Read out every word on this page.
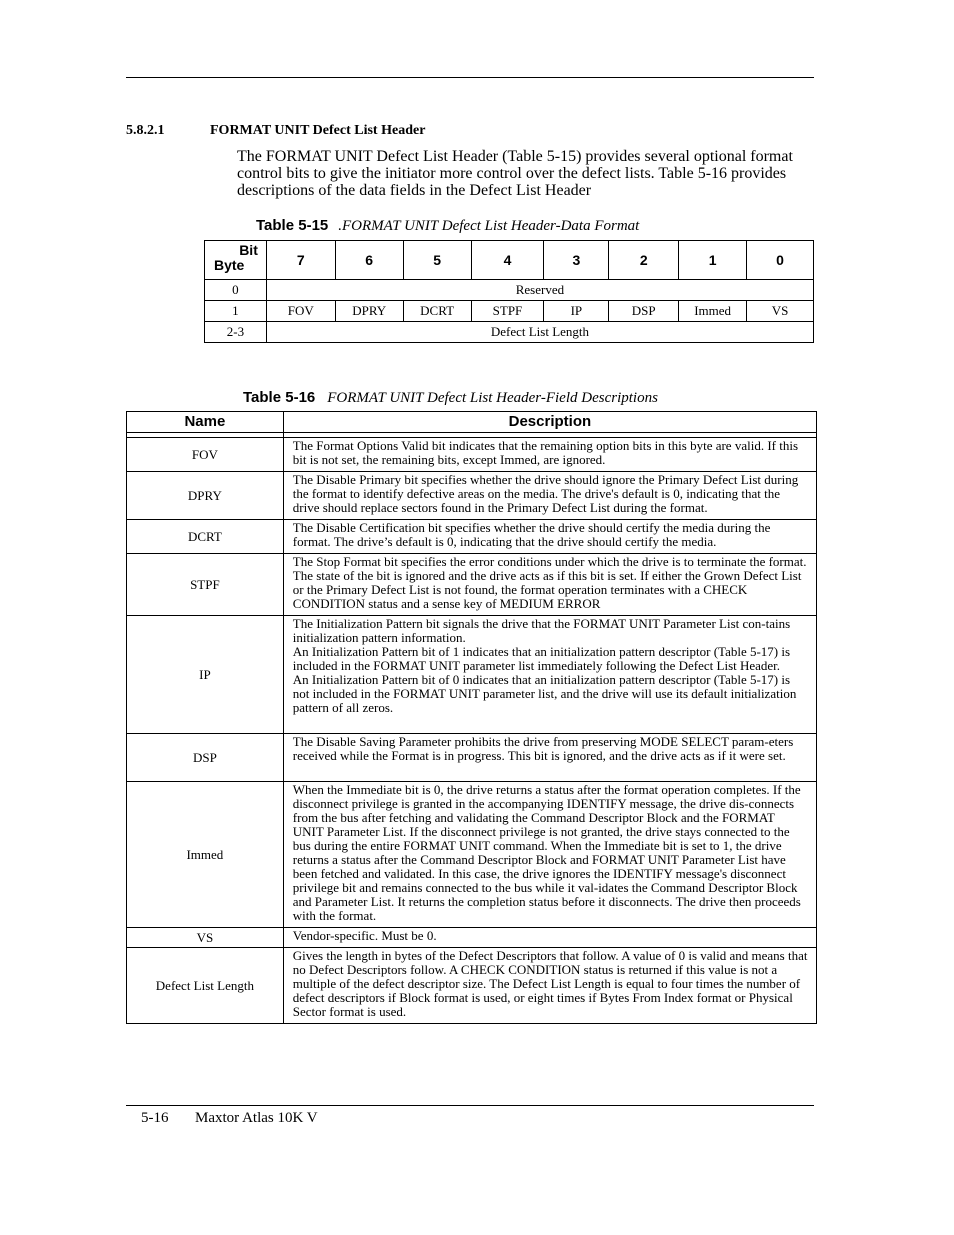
5.8.2.1	FORMAT UNIT Defect List Header
The FORMAT UNIT Defect List Header (Table 5-15) provides several optional format control bits to give the initiator more control over the defect lists. Table 5-16 provides descriptions of the data fields in the Defect List Header
Table 5-15 .FORMAT UNIT Defect List Header-Data Format
Bit
Byte	7	6	5	4	3	2	1	0
0	Reserved							
1	FOV	DPRY	DCRT	STPF	IP	DSP	Immed	VS
2-3	Defect List Length							
Table 5-16 FORMAT UNIT Defect List Header-Field Descriptions
Name	Description

FOV	The Format Options Valid bit indicates that the remaining option bits in this byte are valid. If this bit is not set, the remaining bits, except Immed, are ignored.
DPRY	The Disable Primary bit specifies whether the drive should ignore the Primary Defect List during the format to identify defective areas on the media. The drive's default is 0, indicating that the drive should replace sectors found in the Primary Defect List during the format.
DCRT	The Disable Certification bit specifies whether the drive should certify the media during the format. The drive’s default is 0, indicating that the drive should certify the media.
STPF	The Stop Format bit specifies the error conditions under which the drive is to terminate the format. The state of the bit is ignored and the drive acts as if this bit is set. If either the Grown Defect List or the Primary Defect List is not found, the format operation terminates with a CHECK CONDITION status and a sense key of MEDIUM ERROR
IP	The Initialization Pattern bit signals the drive that the FORMAT UNIT Parameter List con-tains initialization pattern information.
An Initialization Pattern bit of 1 indicates that an initialization pattern descriptor (Table 5-17) is included in the FORMAT UNIT parameter list immediately following the Defect List Header.
An Initialization Pattern bit of 0 indicates that an initialization pattern descriptor (Table 5-17) is not included in the FORMAT UNIT parameter list, and the drive will use its default initialization pattern of all zeros.

DSP	The Disable Saving Parameter prohibits the drive from preserving MODE SELECT param-eters received while the Format is in progress. This bit is ignored, and the drive acts as if it were set.
Immed	When the Immediate bit is 0, the drive returns a status after the format operation completes. If the disconnect privilege is granted in the accompanying IDENTIFY message, the drive dis-connects from the bus after fetching and validating the Command Descriptor Block and the FORMAT UNIT Parameter List. If the disconnect privilege is not granted, the drive stays connected to the bus during the entire FORMAT UNIT command. When the Immediate bit is set to 1, the drive returns a status after the Command Descriptor Block and FORMAT UNIT Parameter List have been fetched and validated. In this case, the drive ignores the IDENTIFY message's disconnect privilege bit and remains connected to the bus while it val-idates the Command Descriptor Block and Parameter List. It returns the completion status before it disconnects. The drive then proceeds with the format.
VS	Vendor-specific. Must be 0.
Defect List Length	Gives the length in bytes of the Defect Descriptors that follow. A value of 0 is valid and means that no Defect Descriptors follow. A CHECK CONDITION status is returned if this value is not a multiple of the defect descriptor size. The Defect List Length is equal to four times the number of defect descriptors if Block format is used, or eight times if Bytes From Index format or Physical Sector format is used.
5-16 Maxtor Atlas 10K V
